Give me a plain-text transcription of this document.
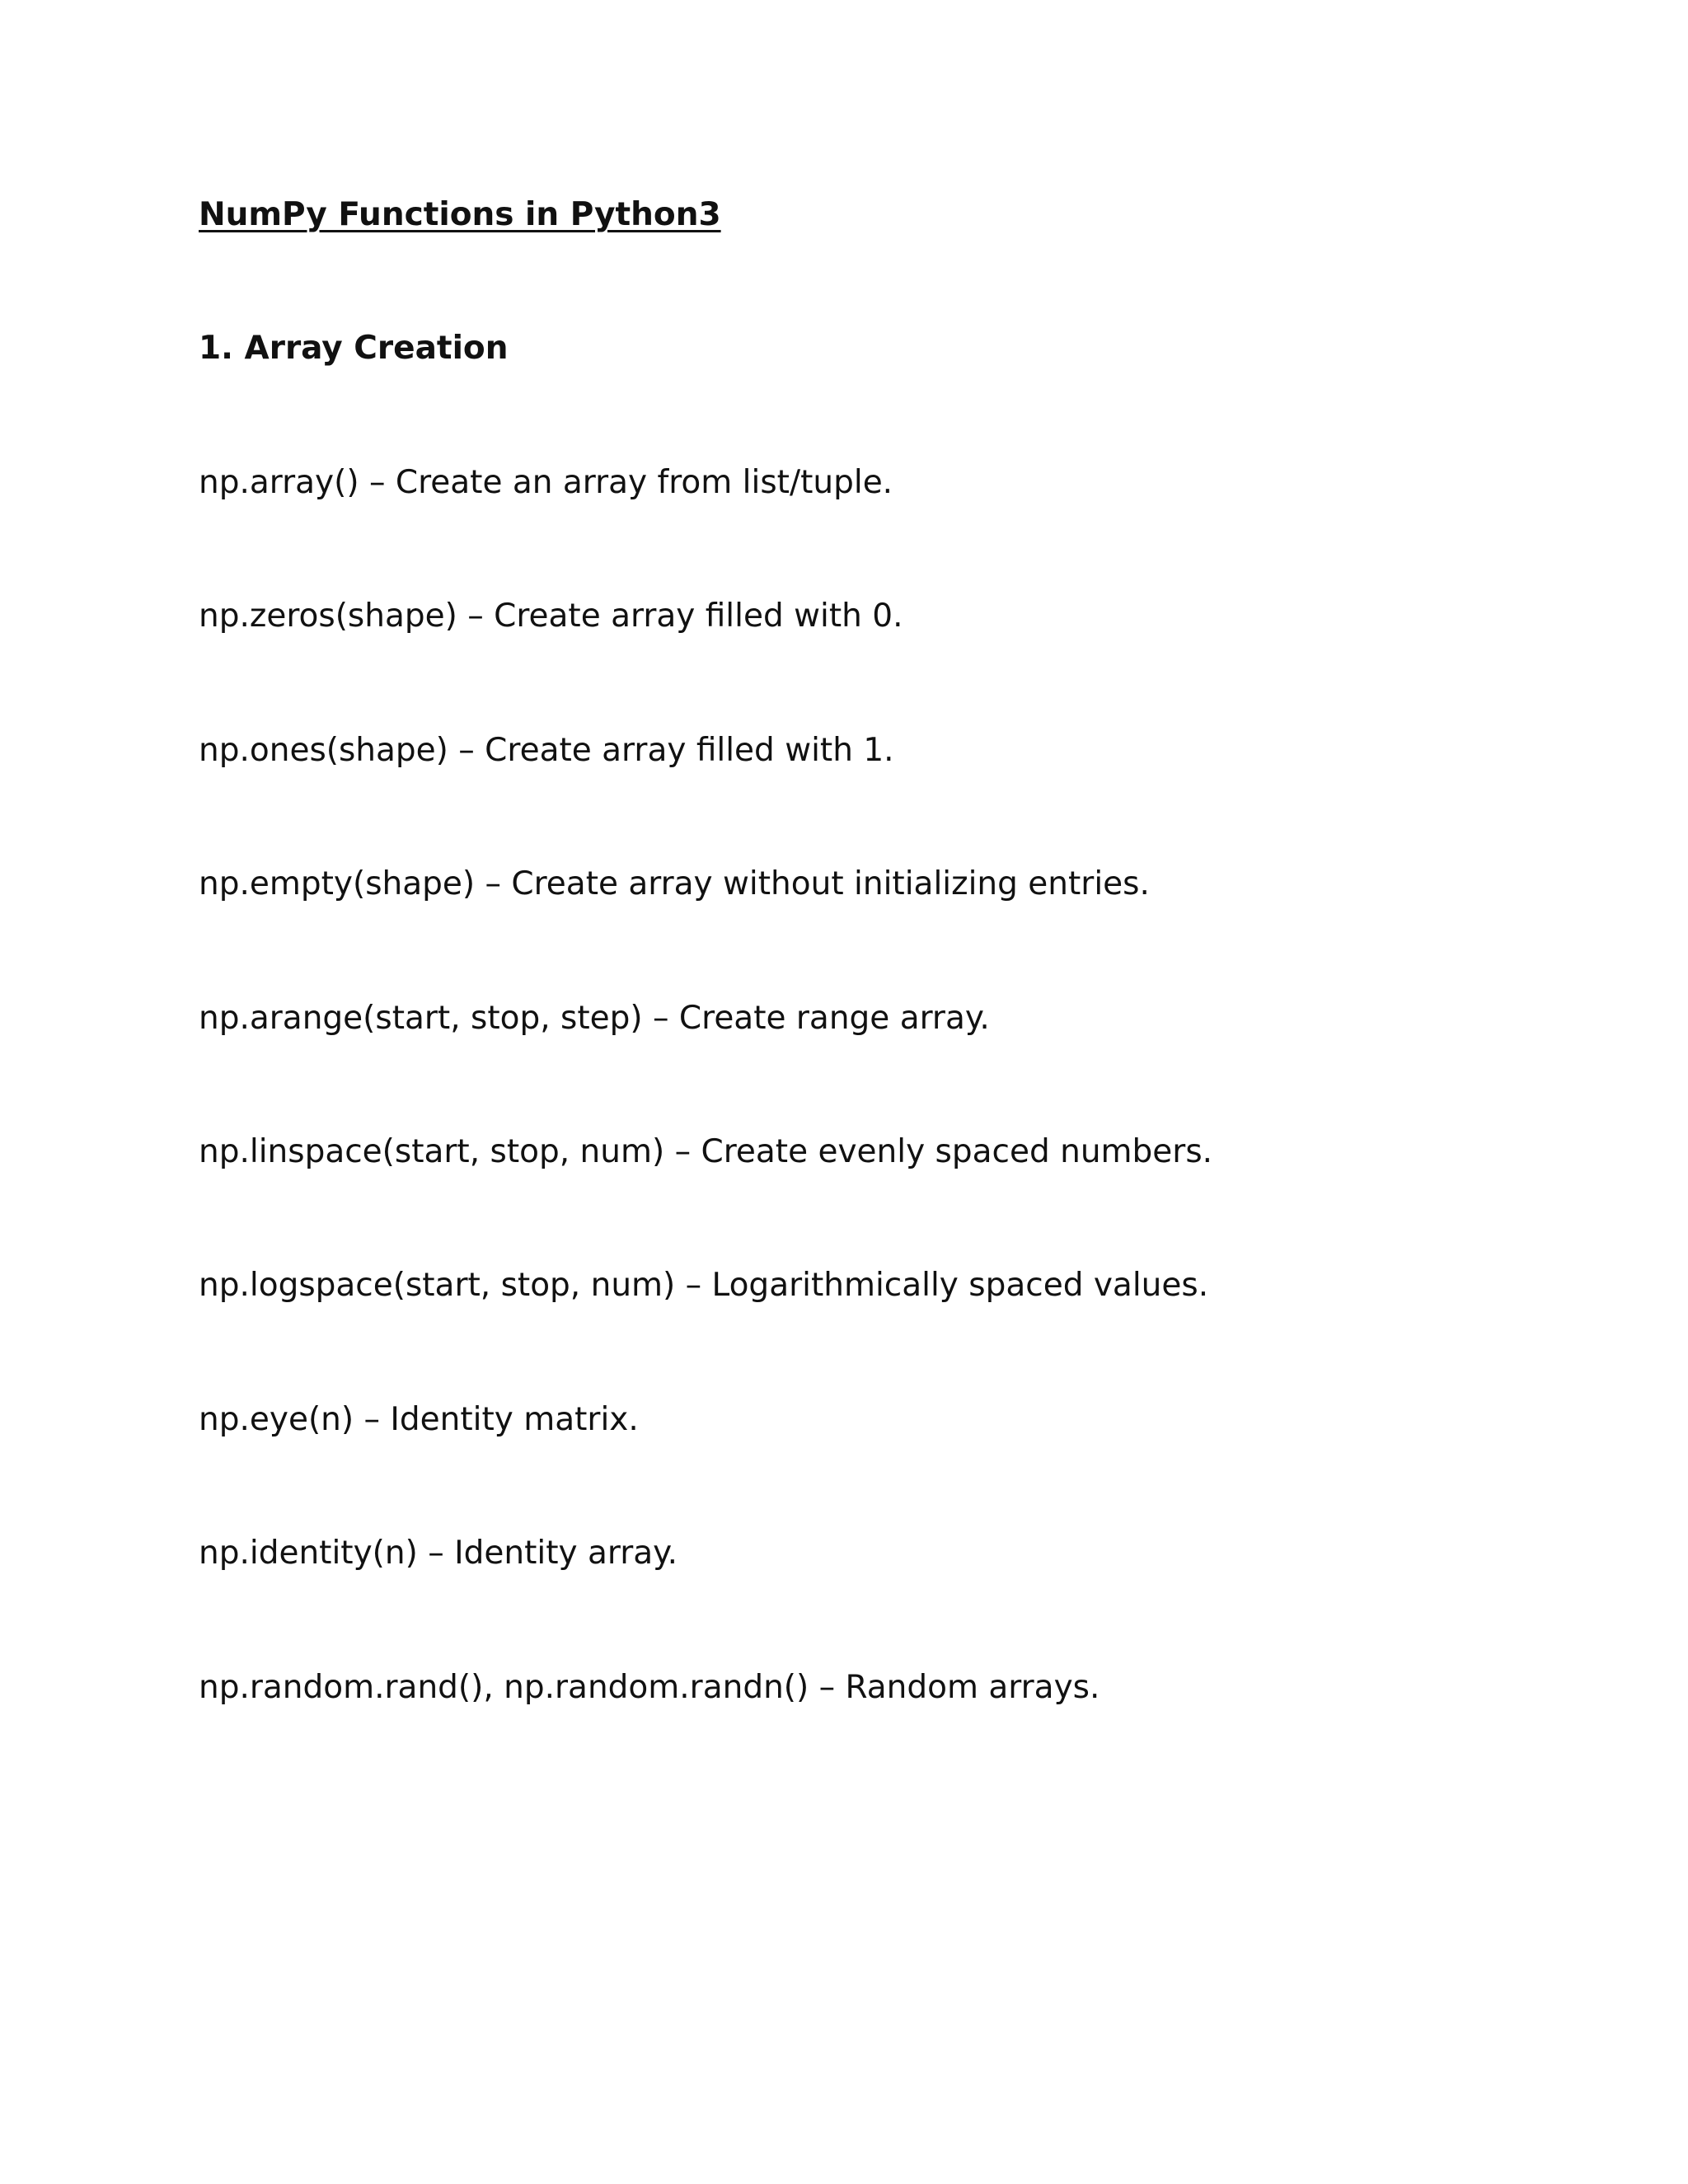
NumPy Functions in Python3
1. Array Creation
np.array() – Create an array from list/tuple.
np.zeros(shape) – Create array filled with 0.
np.ones(shape) – Create array filled with 1.
np.empty(shape) – Create array without initializing entries.
np.arange(start, stop, step) – Create range array.
np.linspace(start, stop, num) – Create evenly spaced numbers.
np.logspace(start, stop, num) – Logarithmically spaced values.
np.eye(n) – Identity matrix.
np.identity(n) – Identity array.
np.random.rand(), np.random.randn() – Random arrays.
